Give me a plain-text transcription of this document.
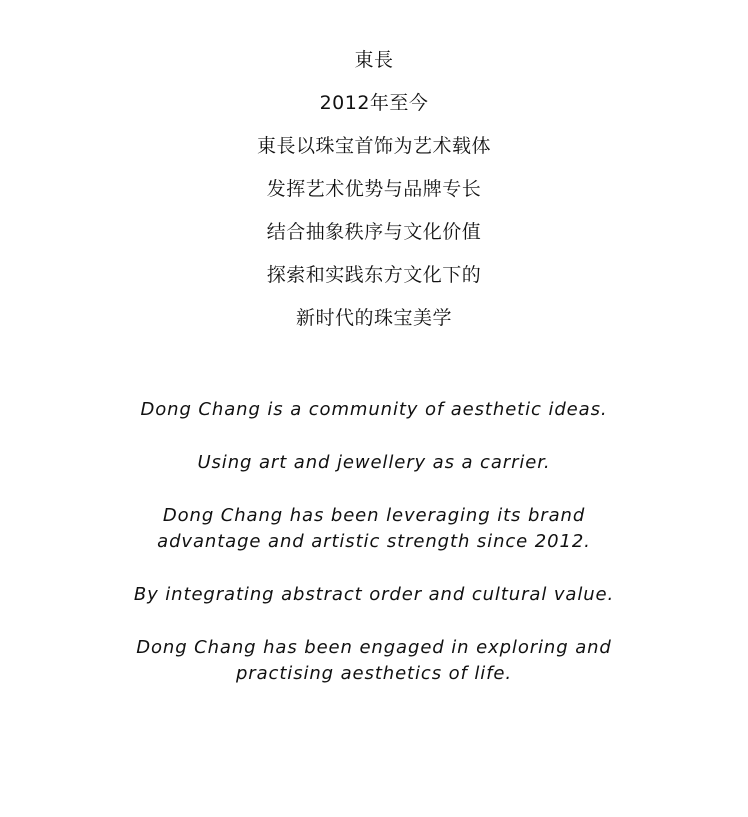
東長
2012年至今
東長以珠宝首饰为艺术载体
发挥艺术优势与品牌专长
结合抽象秩序与文化价值
探索和实践东方文化下的
新时代的珠宝美学

Dong Chang is a community of aesthetic ideas.

Using art and jewellery as a carrier.

Dong Chang has been leveraging its brand
advantage and artistic strength since 2012.

By integrating abstract order and cultural value.

Dong Chang has been engaged in exploring and
practising aesthetics of life.
